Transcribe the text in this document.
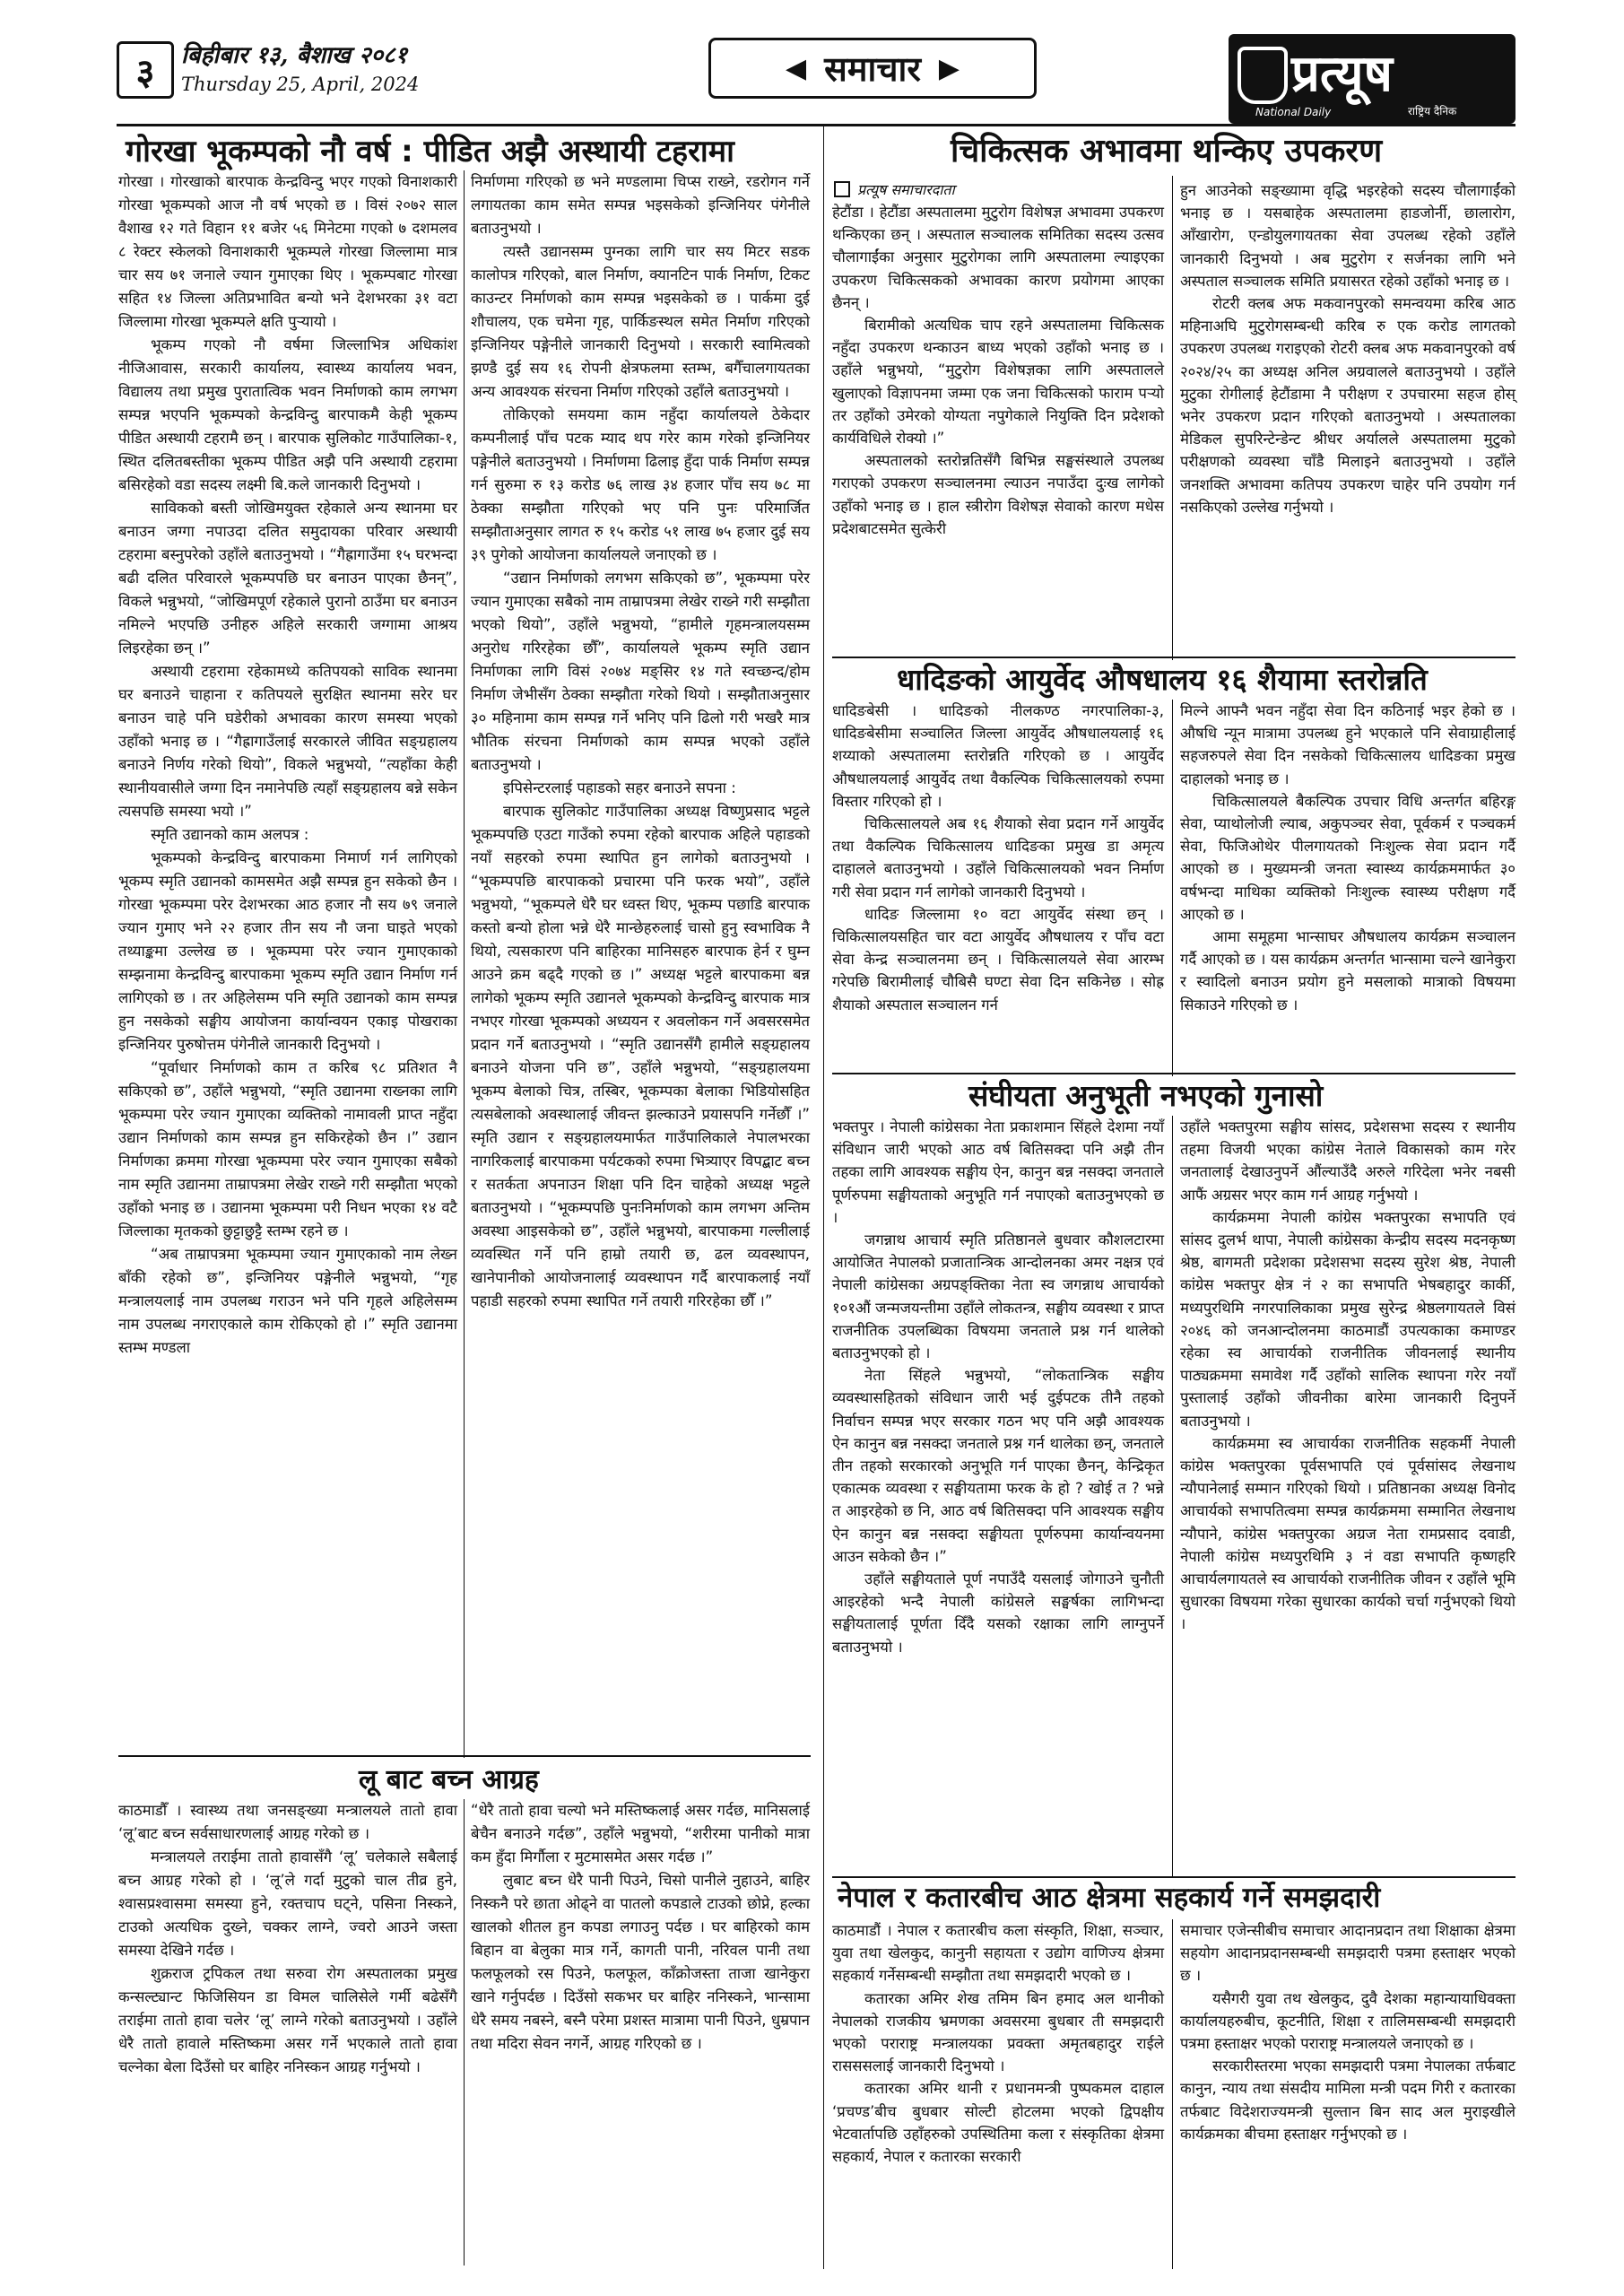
३	बिहीबार १३, बैशाख २०८१
Thursday 25, April, 2024
◀ समाचार ▶	प्रत्यूष
National Daily	राष्ट्रिय दैनिक
गोरखा भूकम्पको नौ वर्ष : पीडित अझै अस्थायी टहरामा

गोरखा । गोरखाको बारपाक केन्द्रविन्दु भएर गएको विनाशकारी गोरखा भूकम्पको आज नौ वर्ष भएको छ । विसं २०७२ साल वैशाख १२ गते विहान ११ बजेर ५६ मिनेटमा गएको ७ दशमलव ८ रेक्टर स्केलको विनाशकारी भूकम्पले गोरखा जिल्लामा मात्र चार सय ७१ जनाले ज्यान गुमाएका थिए । भूकम्पबाट गोरखा सहित १४ जिल्ला अतिप्रभावित बन्यो भने देशभरका ३१ वटा जिल्लामा गोरखा भूकम्पले क्षति पुऱ्यायो ।

भूकम्प गएको नौ वर्षमा जिल्लाभित्र अधिकांश नीजिआवास, सरकारी कार्यालय, स्वास्थ्य कार्यालय भवन, विद्यालय तथा प्रमुख पुरातात्विक भवन निर्माणको काम लगभग सम्पन्न भएपनि भूकम्पको केन्द्रविन्दु बारपाकमै केही भूकम्प पीडित अस्थायी टहरामै छन् । बारपाक सुलिकोट गाउँपालिका-१, स्थित दलितबस्तीका भूकम्प पीडित अझै पनि अस्थायी टहरामा बसिरहेको वडा सदस्य लक्ष्मी बि.कले जानकारी दिनुभयो ।

साविकको बस्ती जोखिमयुक्त रहेकाले अन्य स्थानमा घर बनाउन जग्गा नपाउदा दलित समुदायका परिवार अस्थायी टहरामा बस्नुपरेको उहाँले बताउनुभयो । “गैह्रागाउँमा १५ घरभन्दा बढी दलित परिवारले भूकम्पपछि घर बनाउन पाएका छैनन्”, विकले भन्नुभयो, “जोखिमपूर्ण रहेकाले पुरानो ठाउँमा घर बनाउन नमिल्ने भएपछि उनीहरु अहिले सरकारी जग्गामा आश्रय लिइरहेका छन् ।”

अस्थायी टहरामा रहेकामध्ये कतिपयको साविक स्थानमा घर बनाउने चाहाना र कतिपयले सुरक्षित स्थानमा सरेर घर बनाउन चाहे पनि घडेरीको अभावका कारण समस्या भएको उहाँको भनाइ छ । “गैह्रागाउँलाई सरकारले जीवित सङ्ग्रहालय बनाउने निर्णय गरेको थियो”, विकले भन्नुभयो, “त्यहाँका केही स्थानीयवासीले जग्गा दिन नमानेपछि त्यहाँ सङ्ग्रहालय बन्ने सकेन त्यसपछि समस्या भयो ।”

स्मृति उद्यानको काम अलपत्र :

भूकम्पको केन्द्रविन्दु बारपाकमा निमार्ण गर्न लागिएको भूकम्प स्मृति उद्यानको कामसमेत अझै सम्पन्न हुन सकेको छैन । गोरखा भूकम्पमा परेर देशभरका आठ हजार नौ सय ७९ जनाले ज्यान गुमाए भने २२ हजार तीन सय नौ जना घाइते भएको तथ्याङ्कमा उल्लेख छ । भूकम्पमा परेर ज्यान गुमाएकाको सम्झनामा केन्द्रविन्दु बारपाकमा भूकम्प स्मृति उद्यान निर्माण गर्न लागिएको छ । तर अहिलेसम्म पनि स्मृति उद्यानको काम सम्पन्न हुन नसकेको सङ्घीय आयोजना कार्यान्वयन एकाइ पोखराका इन्जिनियर पुरुषोत्तम पंगेनीले जानकारी दिनुभयो ।

“पूर्वाधार निर्माणको काम त करिब ९८ प्रतिशत नै सकिएको छ”, उहाँले भन्नुभयो, “स्मृति उद्यानमा राख्नका लागि भूकम्पमा परेर ज्यान गुमाएका व्यक्तिको नामावली प्राप्त नहुँदा उद्यान निर्माणको काम सम्पन्न हुन सकिरहेको छैन ।” उद्यान निर्माणका क्रममा गोरखा भूकम्पमा परेर ज्यान गुमाएका सबैको नाम स्मृति उद्यानमा ताम्रापत्रमा लेखेर राख्ने गरी सम्झौता भएको उहाँको भनाइ छ । उद्यानमा भूकम्पमा परी निधन भएका १४ वटै जिल्लाका मृतकको छुट्टाछुट्टै स्तम्भ रहने छ ।

“अब ताम्रापत्रमा भूकम्पमा ज्यान गुमाएकाको नाम लेख्न बाँकी रहेको छ”, इन्जिनियर पङ्गेनीले भन्नुभयो, “गृह मन्त्रालयलाई नाम उपलब्ध गराउन भने पनि गृहले अहिलेसम्म नाम उपलब्ध नगराएकाले काम रोकिएको हो ।” स्मृति उद्यानमा स्तम्भ मण्डला

निर्माणमा गरिएको छ भने मण्डलामा चिप्स राख्ने, रडरोगन गर्ने लगायतका काम समेत सम्पन्न भइसकेको इन्जिनियर पंगेनीले बताउनुभयो ।

त्यस्तै उद्यानसम्म पुग्नका लागि चार सय मिटर सडक कालोपत्र गरिएको, बाल निर्माण, क्यानटिन पार्क निर्माण, टिकट काउन्टर निर्माणको काम सम्पन्न भइसकेको छ । पार्कमा दुई शौचालय, एक चमेना गृह, पार्किङस्थल समेत निर्माण गरिएको इन्जिनियर पङ्गेनीले जानकारी दिनुभयो । सरकारी स्वामित्वको झण्डै दुई सय १६ रोपनी क्षेत्रफलमा स्तम्भ, बगैँचालगायतका अन्य आवश्यक संरचना निर्माण गरिएको उहाँले बताउनुभयो ।

तोकिएको समयमा काम नहुँदा कार्यालयले ठेकेदार कम्पनीलाई पाँच पटक म्याद थप गरेर काम गरेको इन्जिनियर पङ्गेनीले बताउनुभयो । निर्माणमा ढिलाइ हुँदा पार्क निर्माण सम्पन्न गर्न सुरुमा रु १३ करोड ७६ लाख ३४ हजार पाँच सय ७८ मा ठेक्का सम्झौता गरिएको भए पनि पुनः परिमार्जित सम्झौताअनुसार लागत रु १५ करोड ५१ लाख ७५ हजार दुई सय ३९ पुगेको आयोजना कार्यालयले जनाएको छ ।

“उद्यान निर्माणको लगभग सकिएको छ”, भूकम्पमा परेर ज्यान गुमाएका सबैको नाम ताम्रापत्रमा लेखेर राख्ने गरी सम्झौता भएको थियो”, उहाँले भन्नुभयो, “हामीले गृहमन्त्रालयसम्म अनुरोध गरिरहेका छौँ”, कार्यालयले भूकम्प स्मृति उद्यान निर्माणका लागि विसं २०७४ मङ्सिर १४ गते स्वच्छन्द/होम निर्माण जेभीसँग ठेक्का सम्झौता गरेको थियो । सम्झौताअनुसार ३० महिनामा काम सम्पन्न गर्ने भनिए पनि ढिलो गरी भखरै मात्र भौतिक संरचना निर्माणको काम सम्पन्न भएको उहाँले बताउनुभयो ।

इपिसेन्टरलाई पहाडको सहर बनाउने सपना :

बारपाक सुलिकोट गाउँपालिका अध्यक्ष विष्णुप्रसाद भट्टले भूकम्पपछि एउटा गाउँको रुपमा रहेको बारपाक अहिले पहाडको नयाँ सहरको रुपमा स्थापित हुन लागेको बताउनुभयो । “भूकम्पपछि बारपाकको प्रचारमा पनि फरक भयो”, उहाँले भन्नुभयो, “भूकम्पले धेरै घर ध्वस्त थिए, भूकम्प पछाडि बारपाक कस्तो बन्यो होला भन्ने धेरै मान्छेहरुलाई चासो हुनु स्वभाविक नै थियो, त्यसकारण पनि बाहिरका मानिसहरु बारपाक हेर्न र घुम्न आउने क्रम बढ्दै गएको छ ।” अध्यक्ष भट्टले बारपाकमा बन्न लागेको भूकम्प स्मृति उद्यानले भूकम्पको केन्द्रविन्दु बारपाक मात्र नभएर गोरखा भूकम्पको अध्ययन र अवलोकन गर्ने अवसरसमेत प्रदान गर्ने बताउनुभयो । “स्मृति उद्यानसँगै हामीले सङ्ग्रहालय बनाउने योजना पनि छ”, उहाँले भन्नुभयो, “सङ्ग्रहालयमा भूकम्प बेलाको चित्र, तस्बिर, भूकम्पका बेलाका भिडियोसहित त्यसबेलाको अवस्थालाई जीवन्त झल्काउने प्रयासपनि गर्नेछौँ ।” स्मृति उद्यान र सङ्ग्रहालयमार्फत गाउँपालिकाले नेपालभरका नागरिकलाई बारपाकमा पर्यटकको रुपमा भित्र्याएर विपद्बाट बच्न र सतर्कता अपनाउन शिक्षा पनि दिन चाहेको अध्यक्ष भट्टले बताउनुभयो । “भूकम्पपछि पुनःनिर्माणको काम लगभग अन्तिम अवस्था आइसकेको छ”, उहाँले भन्नुभयो, बारपाकमा गल्लीलाई व्यवस्थित गर्ने पनि हाम्रो तयारी छ, ढल व्यवस्थापन, खानेपानीको आयोजनालाई व्यवस्थापन गर्दै बारपाकलाई नयाँ पहाडी सहरको रुपमा स्थापित गर्ने तयारी गरिरहेका छौँ ।”

लू बाट बच्न आग्रह

काठमाडौँ । स्वास्थ्य तथा जनसङ्ख्या मन्त्रालयले तातो हावा ‘लू’बाट बच्न सर्वसाधारणलाई आग्रह गरेको छ ।

मन्त्रालयले तराईमा तातो हावासँगै ‘लू’ चलेकाले सबैलाई बच्न आग्रह गरेको हो । ‘लू’ले गर्दा मुटुको चाल तीव्र हुने, श्वासप्रश्वासमा समस्या हुने, रक्तचाप घट्ने, पसिना निस्कने, टाउको अत्यधिक दुख्ने, चक्कर लाग्ने, ज्वरो आउने जस्ता समस्या देखिने गर्दछ ।

शुक्रराज ट्रपिकल तथा सरुवा रोग अस्पतालका प्रमुख कन्सल्ट्यान्ट फिजिसियन डा विमल चालिसेले गर्मी बढेसँगै तराईमा तातो हावा चलेर ‘लू’ लाग्ने गरेको बताउनुभयो । उहाँले धेरै तातो हावाले मस्तिष्कमा असर गर्ने भएकाले तातो हावा चल्नेका बेला दिउँसो घर बाहिर ननिस्कन आग्रह गर्नुभयो ।

“धेरै तातो हावा चल्यो भने मस्तिष्कलाई असर गर्दछ, मानिसलाई बेचैन बनाउने गर्दछ”, उहाँले भन्नुभयो, “शरीरमा पानीको मात्रा कम हुँदा मिर्गौला र मुटमासमेत असर गर्दछ ।”

लुबाट बच्न धेरै पानी पिउने, चिसो पानीले नुहाउने, बाहिर निस्कनै परे छाता ओढ्ने वा पातलो कपडाले टाउको छोप्ने, हल्का खालको शीतल हुन कपडा लगाउनु पर्दछ । घर बाहिरको काम बिहान वा बेलुका मात्र गर्ने, कागती पानी, नरिवल पानी तथा फलफूलको रस पिउने, फलफूल, काँक्रोजस्ता ताजा खानेकुरा खाने गर्नुपर्दछ । दिउँसो सकभर घर बाहिर ननिस्कने, भान्सामा धेरै समय नबस्ने, बस्नै परेमा प्रशस्त मात्रामा पानी पिउने, धुम्रपान तथा मदिरा सेवन नगर्ने, आग्रह गरिएको छ ।

चिकित्सक अभावमा थन्किए उपकरण
प्रत्यूष समाचारदाता

हेटौंडा । हेटौंडा अस्पतालमा मुटुरोग विशेषज्ञ अभावमा उपकरण थन्किएका छन् । अस्पताल सञ्चालक समितिका सदस्य उत्सव चौलागाईंका अनुसार मुटुरोगका लागि अस्पतालमा ल्याइएका उपकरण चिकित्सकको अभावका कारण प्रयोगमा आएका छैनन् ।

बिरामीको अत्यधिक चाप रहने अस्पतालमा चिकित्सक नहुँदा उपकरण थन्काउन बाध्य भएको उहाँको भनाइ छ । उहाँले भन्नुभयो, “मुटुरोग विशेषज्ञका लागि अस्पतालले खुलाएको विज्ञापनमा जम्मा एक जना चिकित्सको फाराम पऱ्यो तर उहाँको उमेरको योग्यता नपुगेकाले नियुक्ति दिन प्रदेशको कार्यविधिले रोक्यो ।”

अस्पतालको स्तरोन्नतिसँगै बिभिन्न सङ्घसंस्थाले उपलब्ध गराएको उपकरण सञ्चालनमा ल्याउन नपाउँदा दुःख लागेको उहाँको भनाइ छ । हाल स्त्रीरोग विशेषज्ञ सेवाको कारण मधेस प्रदेशबाटसमेत सुत्केरी

हुन आउनेको सङ्ख्यामा वृद्धि भइरहेको सदस्य चौलागाईंको भनाइ छ । यसबाहेक अस्पतालमा हाडजोर्नी, छालारोग, आँखारोग, एन्डोयुलगायतका सेवा उपलब्ध रहेको उहाँले जानकारी दिनुभयो । अब मुटुरोग र सर्जनका लागि भने अस्पताल सञ्चालक समिति प्रयासरत रहेको उहाँको भनाइ छ ।

रोटरी क्लब अफ मकवानपुरको समन्वयमा करिब आठ महिनाअघि मुटुरोगसम्बन्धी करिब रु एक करोड लागतको उपकरण उपलब्ध गराइएको रोटरी क्लब अफ मकवानपुरको वर्ष २०२४/२५ का अध्यक्ष अनिल अग्रवालले बताउनुभयो । उहाँले मुटुका रोगीलाई हेटौंडामा नै परीक्षण र उपचारमा सहज होस् भनेर उपकरण प्रदान गरिएको बताउनुभयो । अस्पतालका मेडिकल सुपरिन्टेन्डेन्ट श्रीधर अर्यालले अस्पतालमा मुटुको परीक्षणको व्यवस्था चाँडै मिलाइने बताउनुभयो । उहाँले जनशक्ति अभावमा कतिपय उपकरण चाहेर पनि उपयोग गर्न नसकिएको उल्लेख गर्नुभयो ।

धादिङको आयुर्वेद औषधालय १६ शैयामा स्तरोन्नति

धादिङबेसी । धादिङको नीलकण्ठ नगरपालिका-३, धादिङबेसीमा सञ्चालित जिल्ला आयुर्वेद औषधालयलाई १६ शय्याको अस्पतालमा स्तरोन्नति गरिएको छ । आयुर्वेद औषधालयलाई आयुर्वेद तथा वैकल्पिक चिकित्सालयको रुपमा विस्तार गरिएको हो ।

चिकित्सालयले अब १६ शैयाको सेवा प्रदान गर्ने आयुर्वेद तथा वैकल्पिक चिकित्सालय धादिङका प्रमुख डा अमृत्य दाहालले बताउनुभयो । उहाँले चिकित्सालयको भवन निर्माण गरी सेवा प्रदान गर्न लागेको जानकारी दिनुभयो ।

धादिङ जिल्लामा १० वटा आयुर्वेद संस्था छन् । चिकित्सालयसहित चार वटा आयुर्वेद औषधालय र पाँच वटा सेवा केन्द्र सञ्चालनमा छन् । चिकित्सालयले सेवा आरम्भ गरेपछि बिरामीलाई चौबिसै घण्टा सेवा दिन सकिनेछ । सोह्र शैयाको अस्पताल सञ्चालन गर्न

मिल्ने आफ्नै भवन नहुँदा सेवा दिन कठिनाई भइर हेको छ । औषधि न्यून मात्रामा उपलब्ध हुने भएकाले पनि सेवाग्राहीलाई सहजरुपले सेवा दिन नसकेको चिकित्सालय धादिङका प्रमुख दाहालको भनाइ छ ।

चिकित्सालयले बैकल्पिक उपचार विधि अन्तर्गत बहिरङ्ग सेवा, प्याथोलोजी ल्याब, अकुपञ्चर सेवा, पूर्वकर्म र पञ्चकर्म सेवा, फिजिओथेर पीलगायतको निःशुल्क सेवा प्रदान गर्दै आएको छ । मुख्यमन्त्री जनता स्वास्थ्य कार्यक्रममार्फत ३० वर्षभन्दा माथिका व्यक्तिको निःशुल्क स्वास्थ्य परीक्षण गर्दै आएको छ ।

आमा समूहमा भान्साघर औषधालय कार्यक्रम सञ्चालन गर्दै आएको छ । यस कार्यक्रम अन्तर्गत भान्सामा चल्ने खानेकुरा र स्वादिलो बनाउन प्रयोग हुने मसलाको मात्राको विषयमा सिकाउने गरिएको छ ।

संघीयता अनुभूती नभएको गुनासो

भक्तपुर । नेपाली कांग्रेसका नेता प्रकाशमान सिंहले देशमा नयाँ संविधान जारी भएको आठ वर्ष बितिसक्दा पनि अझै तीन तहका लागि आवश्यक सङ्घीय ऐन, कानुन बन्न नसक्दा जनताले पूर्णरुपमा सङ्घीयताको अनुभूति गर्न नपाएको बताउनुभएको छ ।

जगन्नाथ आचार्य स्मृति प्रतिष्ठानले बुधवार कौशलटारमा आयोजित नेपालको प्रजातान्त्रिक आन्दोलनका अमर नक्षत्र एवं नेपाली कांग्रेसका अग्रपङ्क्तिका नेता स्व जगन्नाथ आचार्यको १०१औं जन्मजयन्तीमा उहाँले लोकतन्त्र, सङ्घीय व्यवस्था र प्राप्त राजनीतिक उपलब्धिका विषयमा जनताले प्रश्न गर्न थालेको बताउनुभएको हो ।

नेता सिंहले भन्नुभयो, “लोकतान्त्रिक सङ्घीय व्यवस्थासहितको संविधान जारी भई दुईपटक तीनै तहको निर्वाचन सम्पन्न भएर सरकार गठन भए पनि अझै आवश्यक ऐन कानुन बन्न नसक्दा जनताले प्रश्न गर्न थालेका छन्, जनताले तीन तहको सरकारको अनुभूति गर्न पाएका छैनन्, केन्द्रिकृत एकात्मक व्यवस्था र सङ्घीयतामा फरक के हो ? खोई त ? भन्ने त आइरहेको छ नि, आठ वर्ष बितिसक्दा पनि आवश्यक सङ्घीय ऐन कानुन बन्न नसक्दा सङ्घीयता पूर्णरुपमा कार्यान्वयनमा आउन सकेको छैन ।”

उहाँले सङ्घीयताले पूर्ण नपाउँदै यसलाई जोगाउने चुनौती आइरहेको भन्दै नेपाली कांग्रेसले सङ्घर्षका लागिभन्दा सङ्घीयतालाई पूर्णता दिँदै यसको रक्षाका लागि लाग्नुपर्ने बताउनुभयो ।

उहाँले भक्तपुरमा सङ्घीय सांसद, प्रदेशसभा सदस्य र स्थानीय तहमा विजयी भएका कांग्रेस नेताले विकासको काम गरेर जनतालाई देखाउनुपर्ने औंल्याउँदै अरुले गरिदेला भनेर नबसी आफैं अग्रसर भएर काम गर्न आग्रह गर्नुभयो ।

कार्यक्रममा नेपाली कांग्रेस भक्तपुरका सभापति एवं सांसद दुलर्भ थापा, नेपाली कांग्रेसका केन्द्रीय सदस्य मदनकृष्ण श्रेष्ठ, बागमती प्रदेशका प्रदेशसभा सदस्य सुरेश श्रेष्ठ, नेपाली कांग्रेस भक्तपुर क्षेत्र नं २ का सभापति भेषबहादुर कार्की, मध्यपुरथिमि नगरपालिकाका प्रमुख सुरेन्द्र श्रेष्ठलगायतले विसं २०४६ को जनआन्दोलनमा काठमाडौं उपत्यकाका कमाण्डर रहेका स्व आचार्यको राजनीतिक जीवनलाई स्थानीय पाठ्यक्रममा समावेश गर्दै उहाँको सालिक स्थापना गरेर नयाँ पुस्तालाई उहाँको जीवनीका बारेमा जानकारी दिनुपर्ने बताउनुभयो ।

कार्यक्रममा स्व आचार्यका राजनीतिक सहकर्मी नेपाली कांग्रेस भक्तपुरका पूर्वसभापति एवं पूर्वसांसद लेखनाथ न्यौपानेलाई सम्मान गरिएको थियो । प्रतिष्ठानका अध्यक्ष विनोद आचार्यको सभापतित्वमा सम्पन्न कार्यक्रममा सम्मानित लेखनाथ न्यौपाने, कांग्रेस भक्तपुरका अग्रज नेता रामप्रसाद दवाडी, नेपाली कांग्रेस मध्यपुरथिमि ३ नं वडा सभापति कृष्णहरि आचार्यलगायतले स्व आचार्यको राजनीतिक जीवन र उहाँले भूमि सुधारका विषयमा गरेका सुधारका कार्यको चर्चा गर्नुभएको थियो ।

नेपाल र कतारबीच आठ क्षेत्रमा सहकार्य गर्ने समझदारी

काठमाडौं । नेपाल र कतारबीच कला संस्कृति, शिक्षा, सञ्चार, युवा तथा खेलकुद, कानुनी सहायता र उद्योग वाणिज्य क्षेत्रमा सहकार्य गर्नेसम्बन्धी सम्झौता तथा समझदारी भएको छ ।

कतारका अमिर शेख तमिम बिन हमाद अल थानीको नेपालको राजकीय भ्रमणका अवसरमा बुधबार ती समझदारी भएको पराराष्ट्र मन्त्रालयका प्रवक्ता अमृतबहादुर राईले रासससलाई जानकारी दिनुभयो ।

कतारका अमिर थानी र प्रधानमन्त्री पुष्पकमल दाहाल ‘प्रचण्ड’बीच बुधबार सोल्टी होटलमा भएको द्विपक्षीय भेटवार्तापछि उहाँहरुको उपस्थितिमा कला र संस्कृतिका क्षेत्रमा सहकार्य, नेपाल र कतारका सरकारी

समाचार एजेन्सीबीच समाचार आदानप्रदान तथा शिक्षाका क्षेत्रमा सहयोग आदानप्रदानसम्बन्धी समझदारी पत्रमा हस्ताक्षर भएको छ ।

यसैगरी युवा तथ खेलकुद, दुवै देशका महान्यायाधिवक्ता कार्यालयहरुबीच, कूटनीति, शिक्षा र तालिमसम्बन्धी समझदारी पत्रमा हस्ताक्षर भएको पराराष्ट्र मन्त्रालयले जनाएको छ ।

सरकारीस्तरमा भएका समझदारी पत्रमा नेपालका तर्फबाट कानुन, न्याय तथा संसदीय मामिला मन्त्री पदम गिरी र कतारका तर्फबाट विदेशराज्यमन्त्री सुल्तान बिन साद अल मुराइखीले कार्यक्रमका बीचमा हस्ताक्षर गर्नुभएको छ ।
